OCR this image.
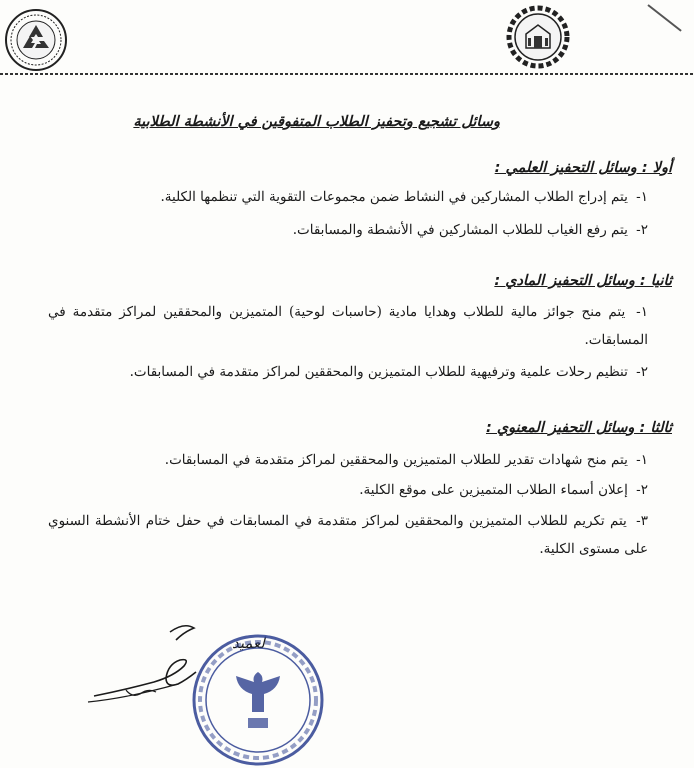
وسائل تشجيع وتحفيز الطلاب المتفوقين في الأنشطة الطلابية
أولا : وسائل التحفيز العلمي :
١- يتم إدراج الطلاب المشاركين في النشاط ضمن مجموعات التقوية التي تنظمها الكلية.
٢- يتم رفع الغياب للطلاب المشاركين في الأنشطة والمسابقات.
ثانيا : وسائل التحفيز المادي :
١- يتم منح جوائز مالية للطلاب وهدايا مادية (حاسبات لوحية) المتميزين والمحققين لمراكز متقدمة في المسابقات.
٢- تنظيم رحلات علمية وترفيهية للطلاب المتميزين والمحققين لمراكز متقدمة في المسابقات.
ثالثا : وسائل التحفيز المعنوي :
١- يتم منح شهادات تقدير للطلاب المتميزين والمحققين لمراكز متقدمة في المسابقات.
٢- إعلان أسماء الطلاب المتميزين على موقع الكلية.
٣- يتم تكريم للطلاب المتميزين والمحققين لمراكز متقدمة في المسابقات في حفل ختام الأنشطة السنوي على مستوى الكلية.
لعميد
